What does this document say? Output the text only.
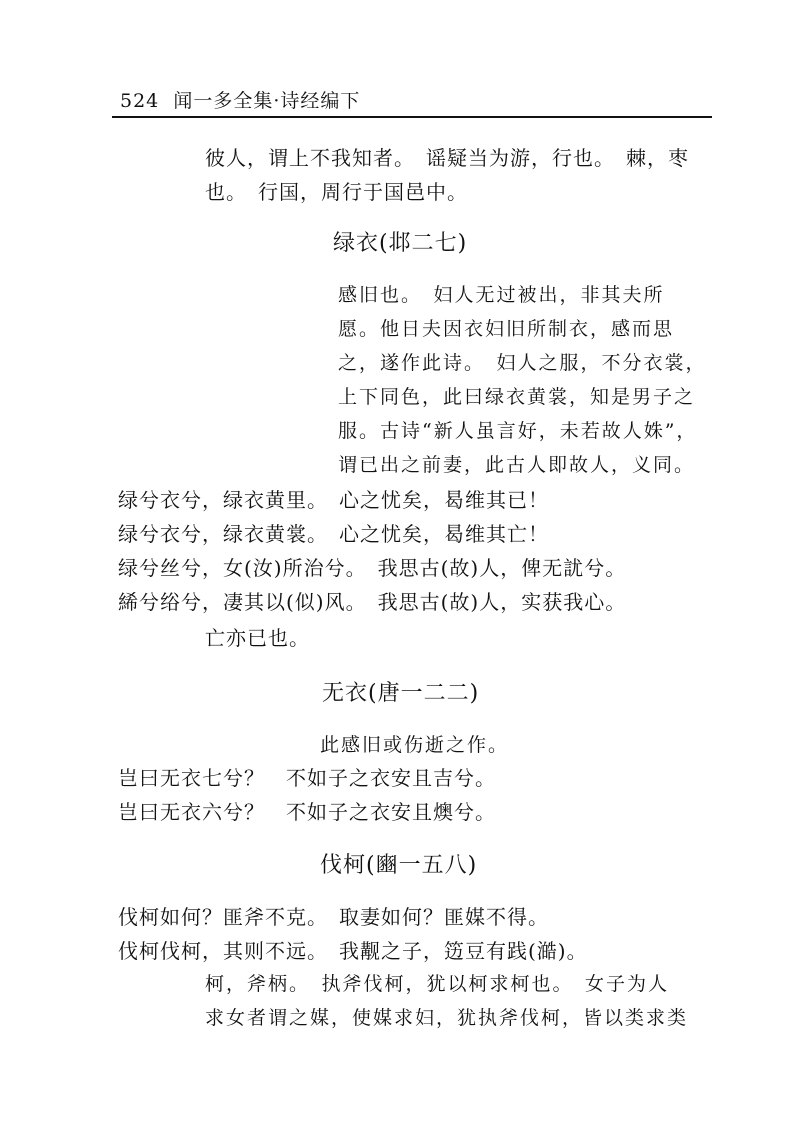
524 闻一多全集·诗经编下
彼人，谓上不我知者。　谣疑当为游，行也。　棘，枣
也。　行国，周行于国邑中。
绿衣(邶二七)
感旧也。　妇人无过被出，非其夫所
愿。他日夫因衣妇旧所制衣，感而思
之，遂作此诗。　妇人之服，不分衣裳，
上下同色，此曰绿衣黄裳，知是男子之
服。古诗“新人虽言好，未若故人姝”，
谓已出之前妻，此古人即故人，义同。
绿兮衣兮，绿衣黄里。　心之忧矣，曷维其已！
绿兮衣兮，绿衣黄裳。　心之忧矣，曷维其亡！
绿兮丝兮，女(汝)所治兮。　我思古(故)人，俾无訧兮。
絺兮绤兮，凄其以(似)风。　我思古(故)人，实获我心。
亡亦已也。
无衣(唐一二二)
此感旧或伤逝之作。
岂曰无衣七兮？　不如子之衣安且吉兮。
岂曰无衣六兮？　不如子之衣安且燠兮。
伐柯(豳一五八)
伐柯如何？匪斧不克。　取妻如何？匪媒不得。
伐柯伐柯，其则不远。　我觏之子，笾豆有践(澔)。
柯，斧柄。　执斧伐柯，犹以柯求柯也。　女子为人
求女者谓之媒，使媒求妇，犹执斧伐柯，皆以类求类
